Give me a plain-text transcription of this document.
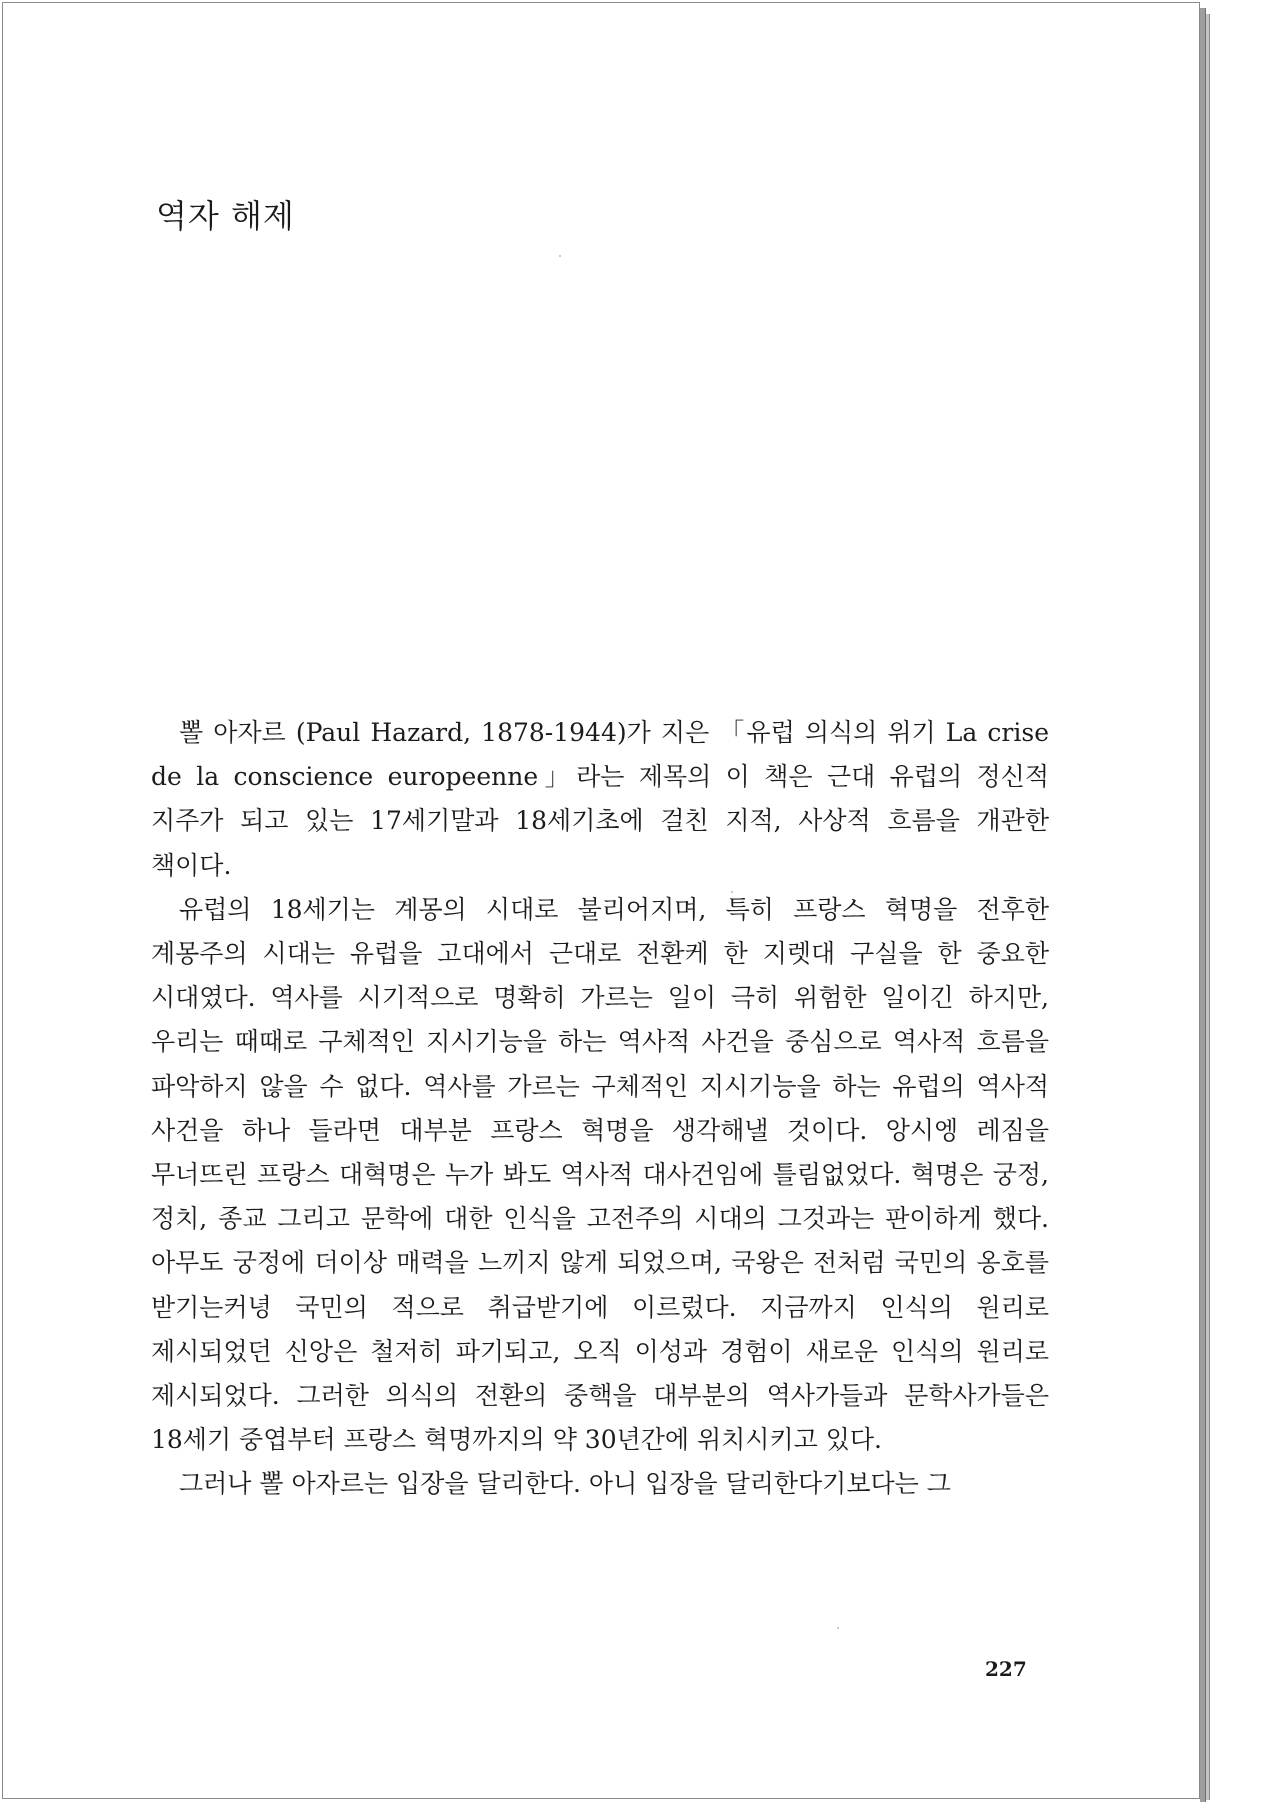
역자 해제

뽈 아자르 (Paul Hazard, 1878-1944)가 지은 「유럽 의식의 위기 La crise de la conscience europeenne」라는 제목의 이 책은 근대 유럽의 정신적 지주가 되고 있는 17세기말과 18세기초에 걸친 지적, 사상적 흐름을 개관한 책이다.

유럽의 18세기는 계몽의 시대로 불리어지며, 특히 프랑스 혁명을 전후한 계몽주의 시대는 유럽을 고대에서 근대로 전환케 한 지렛대 구실을 한 중요한 시대였다. 역사를 시기적으로 명확히 가르는 일이 극히 위험한 일이긴 하지만, 우리는 때때로 구체적인 지시기능을 하는 역사적 사건을 중심으로 역사적 흐름을 파악하지 않을 수 없다. 역사를 가르는 구체적인 지시기능을 하는 유럽의 역사적 사건을 하나 들라면 대부분 프랑스 혁명을 생각해낼 것이다. 앙시엥 레짐을 무너뜨린 프랑스 대혁명은 누가 봐도 역사적 대사건임에 틀림없었다. 혁명은 궁정, 정치, 종교 그리고 문학에 대한 인식을 고전주의 시대의 그것과는 판이하게 했다. 아무도 궁정에 더이상 매력을 느끼지 않게 되었으며, 국왕은 전처럼 국민의 옹호를 받기는커녕 국민의 적으로 취급받기에 이르렀다. 지금까지 인식의 원리로 제시되었던 신앙은 철저히 파기되고, 오직 이성과 경험이 새로운 인식의 원리로 제시되었다. 그러한 의식의 전환의 중핵을 대부분의 역사가들과 문학사가들은 18세기 중엽부터 프랑스 혁명까지의 약 30년간에 위치시키고 있다.

그러나 뽈 아자르는 입장을 달리한다. 아니 입장을 달리한다기보다는 그

227
